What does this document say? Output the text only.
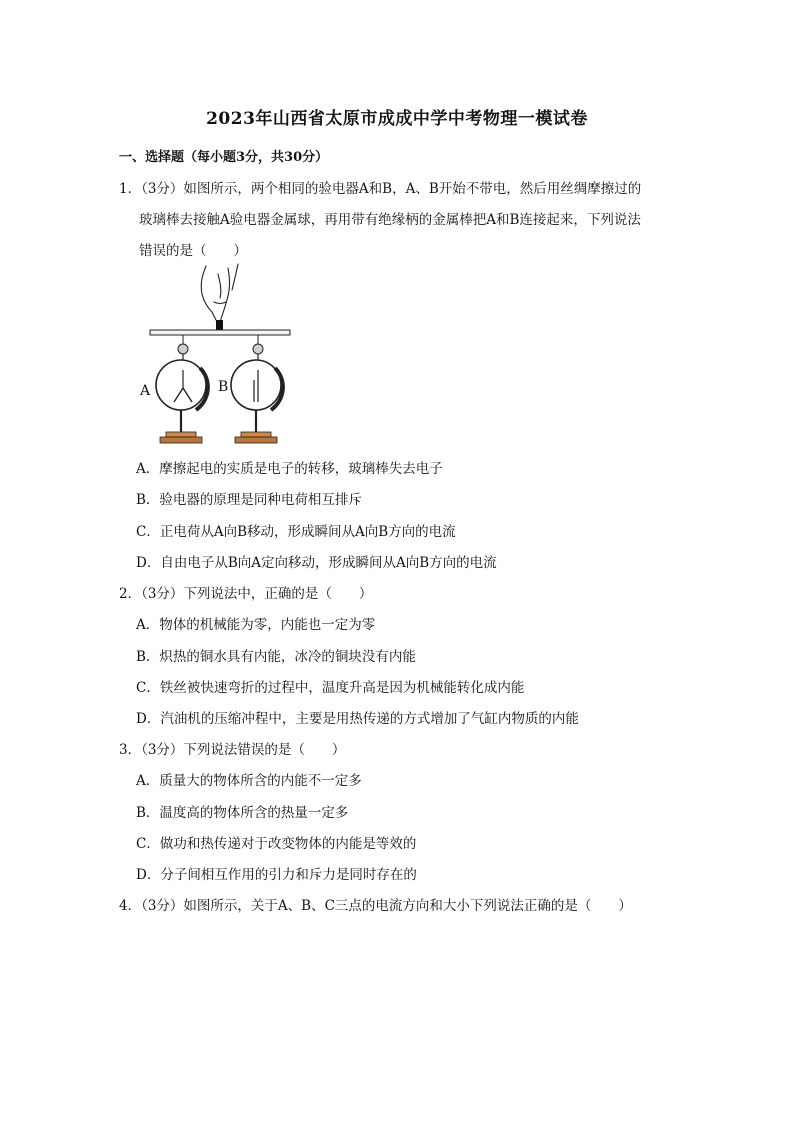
2023年山西省太原市成成中学中考物理一模试卷
一、选择题（每小题3分，共30分）
1．（3分）如图所示，两个相同的验电器A和B，A、B开始不带电，然后用丝绸摩擦过的
玻璃棒去接触A验电器金属球，再用带有绝缘柄的金属棒把A和B连接起来，下列说法
错误的是（　　）
A	B
A．摩擦起电的实质是电子的转移，玻璃棒失去电子
B．验电器的原理是同种电荷相互排斥
C．正电荷从A向B移动，形成瞬间从A向B方向的电流
D．自由电子从B向A定向移动，形成瞬间从A向B方向的电流
2．（3分）下列说法中，正确的是（　　）
A．物体的机械能为零，内能也一定为零
B．炽热的铜水具有内能，冰冷的铜块没有内能
C．铁丝被快速弯折的过程中，温度升高是因为机械能转化成内能
D．汽油机的压缩冲程中，主要是用热传递的方式增加了气缸内物质的内能
3．（3分）下列说法错误的是（　　）
A．质量大的物体所含的内能不一定多
B．温度高的物体所含的热量一定多
C．做功和热传递对于改变物体的内能是等效的
D．分子间相互作用的引力和斥力是同时存在的
4．（3分）如图所示，关于A、B、C三点的电流方向和大小下列说法正确的是（　　）
